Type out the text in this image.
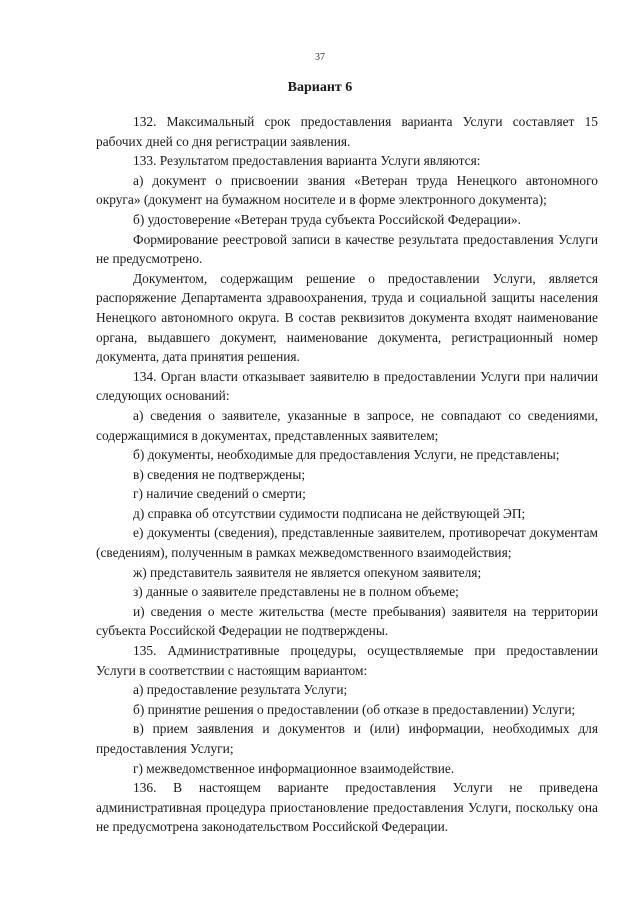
37
Вариант 6

132. Максимальный срок предоставления варианта Услуги составляет 15 рабочих дней со дня регистрации заявления.

133. Результатом предоставления варианта Услуги являются:

а) документ о присвоении звания «Ветеран труда Ненецкого автономного округа» (документ на бумажном носителе и в форме электронного документа);

б) удостоверение «Ветеран труда субъекта Российской Федерации».

Формирование реестровой записи в качестве результата предоставления Услуги не предусмотрено.

Документом, содержащим решение о предоставлении Услуги, является распоряжение Департамента здравоохранения, труда и социальной защиты населения Ненецкого автономного округа. В состав реквизитов документа входят наименование органа, выдавшего документ, наименование документа, регистрационный номер документа, дата принятия решения.

134. Орган власти отказывает заявителю в предоставлении Услуги при наличии следующих оснований:

а) сведения о заявителе, указанные в запросе, не совпадают со сведениями, содержащимися в документах, представленных заявителем;

б) документы, необходимые для предоставления Услуги, не представлены;

в) сведения не подтверждены;

г) наличие сведений о смерти;

д) справка об отсутствии судимости подписана не действующей ЭП;

е) документы (сведения), представленные заявителем, противоречат документам (сведениям), полученным в рамках межведомственного взаимодействия;

ж) представитель заявителя не является опекуном заявителя;

з) данные о заявителе представлены не в полном объеме;

и) сведения о месте жительства (месте пребывания) заявителя на территории субъекта Российской Федерации не подтверждены.

135. Административные процедуры, осуществляемые при предоставлении Услуги в соответствии с настоящим вариантом:

а) предоставление результата Услуги;

б) принятие решения о предоставлении (об отказе в предоставлении) Услуги;

в) прием заявления и документов и (или) информации, необходимых для предоставления Услуги;

г) межведомственное информационное взаимодействие.

136. В настоящем варианте предоставления Услуги не приведена административная процедура приостановление предоставления Услуги, поскольку она не предусмотрена законодательством Российской Федерации.
